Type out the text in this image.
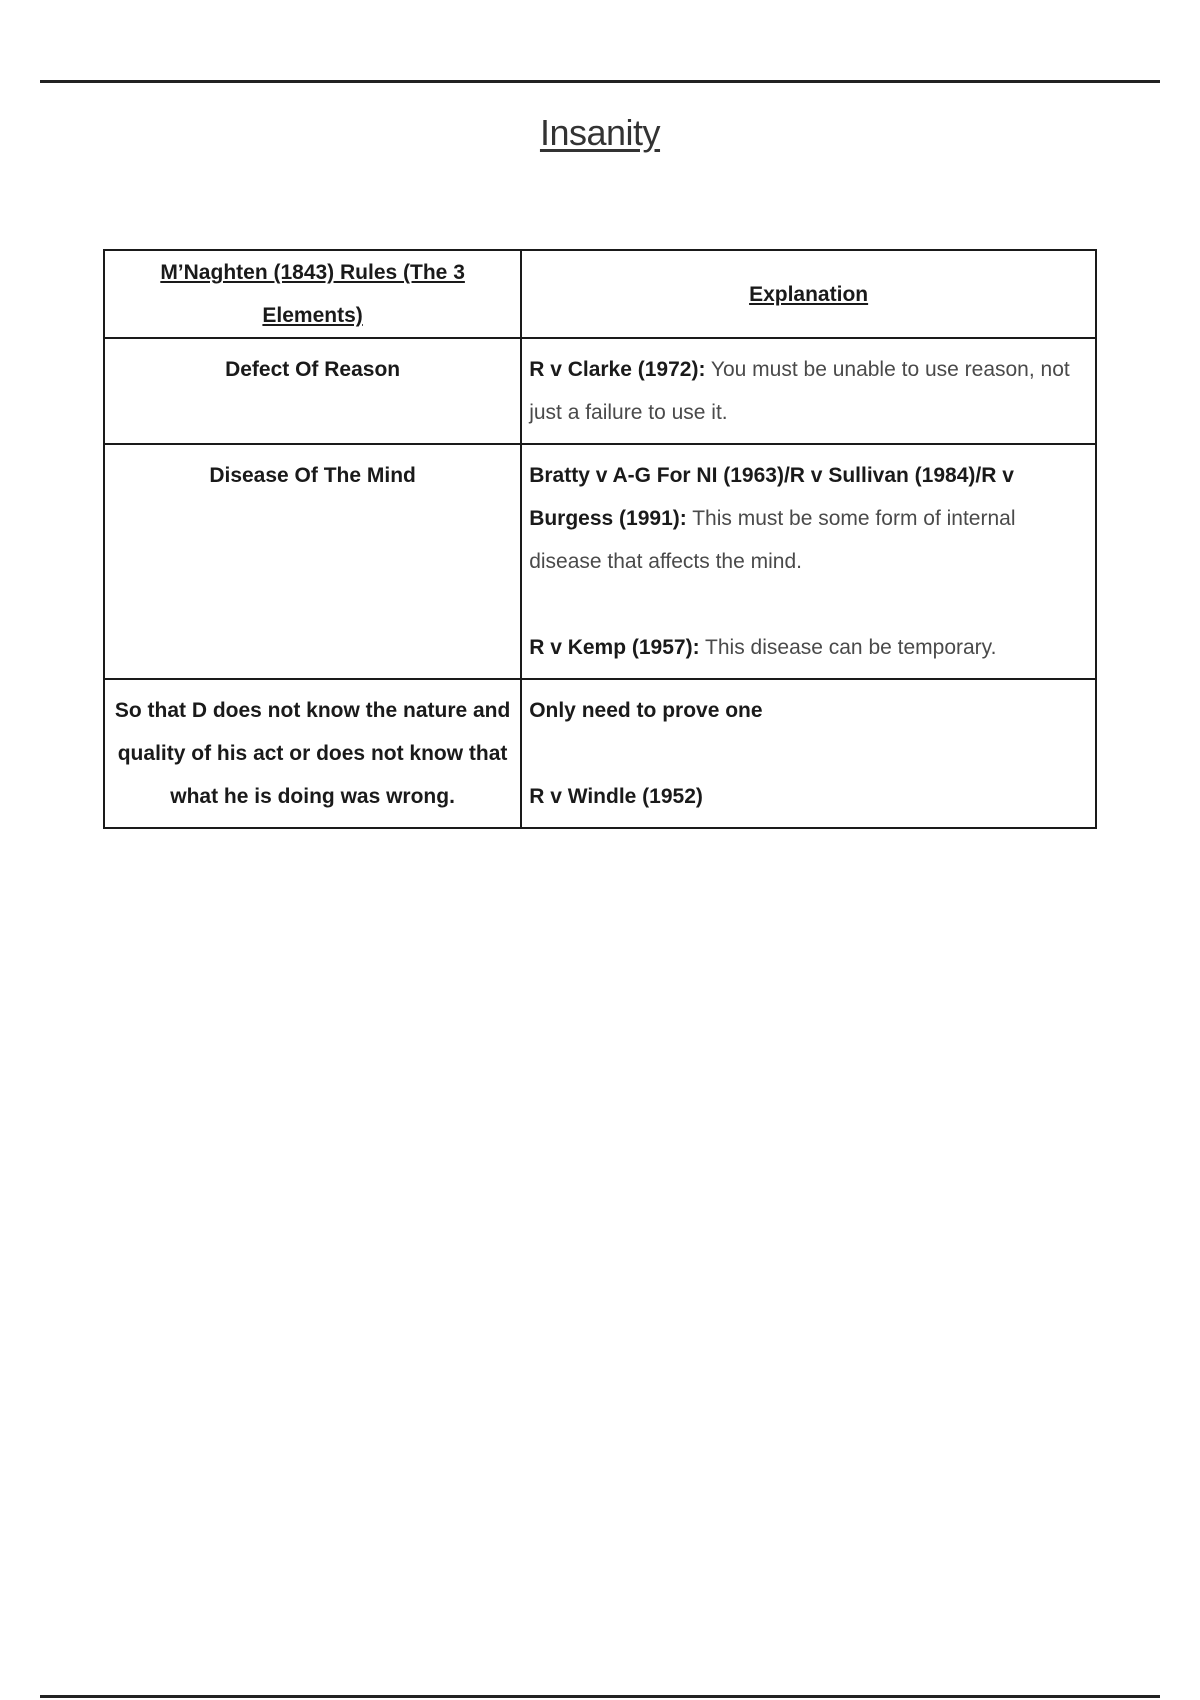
Insanity
M’Naghten (1843) Rules (The 3 Elements)	Explanation
Defect Of Reason	R v Clarke (1972): You must be unable to use reason, not just a failure to use it.

Disease Of The Mind	Bratty v A-G For NI (1963)/R v Sullivan (1984)/R v Burgess (1991): This must be some form of internal disease that affects the mind.

R v Kemp (1957): This disease can be temporary.

So that D does not know the nature and quality of his act or does not know that what he is doing was wrong.	Only need to prove one

R v Windle (1952)
